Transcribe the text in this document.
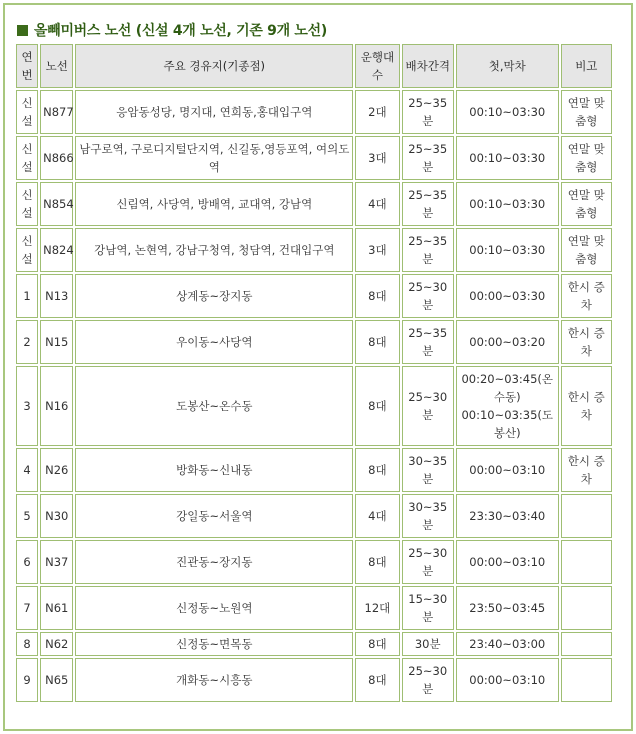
올빼미버스 노선 (신설 4개 노선, 기존 9개 노선)
연번	노선	주요 경유지(기종점)	운행대수	배차간격	첫,막차	비고
신설	N877	응암동성당, 명지대, 연희동,홍대입구역	2대	25~35분	00:10~03:30	연말 맞춤형
신설	N866	남구로역, 구로디지털단지역, 신길동,영등포역, 여의도역	3대	25~35분	00:10~03:30	연말 맞춤형
신설	N854	신림역, 사당역, 방배역, 교대역, 강남역	4대	25~35분	00:10~03:30	연말 맞춤형
신설	N824	강남역, 논현역, 강남구청역, 청담역, 건대입구역	3대	25~35분	00:10~03:30	연말 맞춤형
1	N13	상계동~장지동	8대	25~30분	00:00~03:30	한시 증차
2	N15	우이동~사당역	8대	25~35분	00:00~03:20	한시 증차
3	N16	도봉산~온수동	8대	25~30분	00:20~03:45(온수동) 00:10~03:35(도봉산)	한시 증차
4	N26	방화동~신내동	8대	30~35분	00:00~03:10	한시 증차
5	N30	강일동~서울역	4대	30~35분	23:30~03:40	
6	N37	진관동~장지동	8대	25~30분	00:00~03:10	
7	N61	신정동~노원역	12대	15~30분	23:50~03:45	
8	N62	신정동~면목동	8대	30분	23:40~03:00	
9	N65	개화동~시흥동	8대	25~30분	00:00~03:10	
